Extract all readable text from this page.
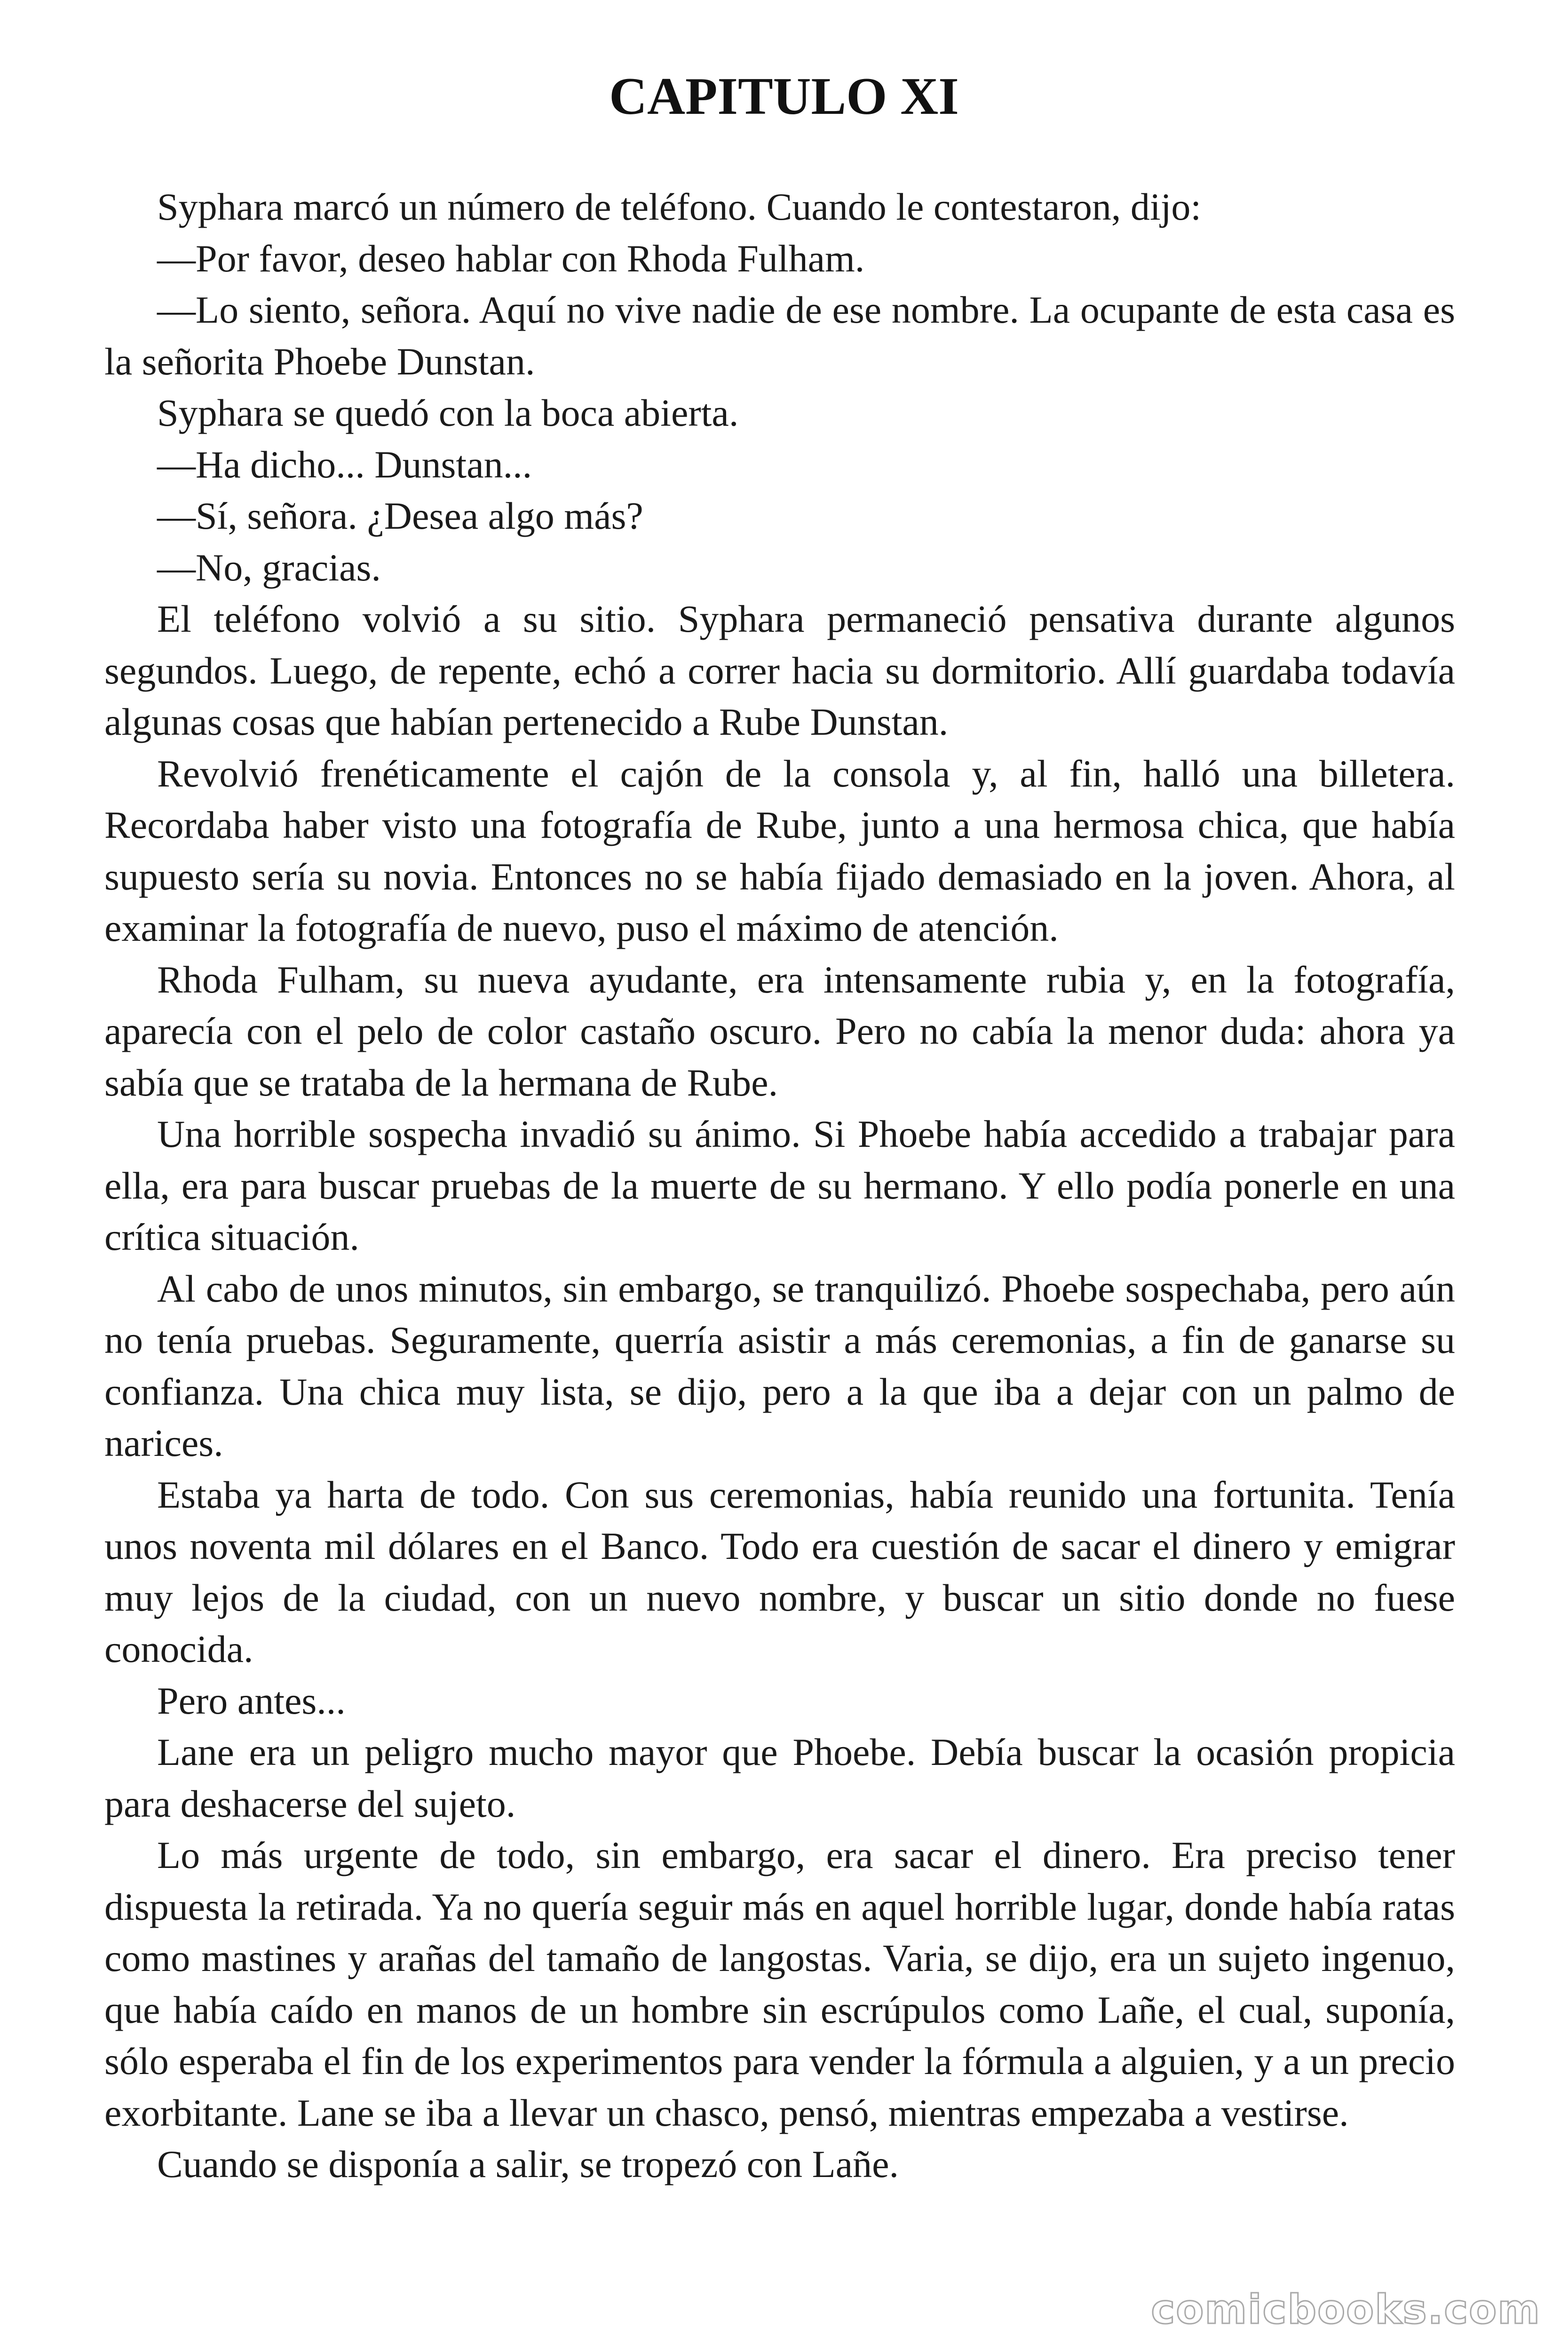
CAPITULO XI

Syphara marcó un número de teléfono. Cuando le contestaron, dijo:

—Por favor, deseo hablar con Rhoda Fulham.

—Lo siento, señora. Aquí no vive nadie de ese nombre. La ocupante de esta casa es la señorita Phoebe Dunstan.

Syphara se quedó con la boca abierta.

—Ha dicho... Dunstan...

—Sí, señora. ¿Desea algo más?

—No, gracias.

El teléfono volvió a su sitio. Syphara permaneció pensativa durante algunos segundos. Luego, de repente, echó a correr hacia su dormitorio. Allí guardaba todavía algunas cosas que habían pertenecido a Rube Dunstan.

Revolvió frenéticamente el cajón de la consola y, al fin, halló una billetera. Recordaba haber visto una fotografía de Rube, junto a una hermosa chica, que había supuesto sería su novia. Entonces no se había fijado demasiado en la joven. Ahora, al examinar la fotografía de nuevo, puso el máximo de atención.

Rhoda Fulham, su nueva ayudante, era intensamente rubia y, en la fotografía, aparecía con el pelo de color castaño oscuro. Pero no cabía la menor duda: ahora ya sabía que se trataba de la hermana de Rube.

Una horrible sospecha invadió su ánimo. Si Phoebe había accedido a trabajar para ella, era para buscar pruebas de la muerte de su hermano. Y ello podía ponerle en una crítica situación.

Al cabo de unos minutos, sin embargo, se tranquilizó. Phoebe sospechaba, pero aún no tenía pruebas. Seguramente, querría asistir a más ceremonias, a fin de ganarse su confianza. Una chica muy lista, se dijo, pero a la que iba a dejar con un palmo de narices.

Estaba ya harta de todo. Con sus ceremonias, había reunido una fortunita. Tenía unos noventa mil dólares en el Banco. Todo era cuestión de sacar el dinero y emigrar muy lejos de la ciudad, con un nuevo nombre, y buscar un sitio donde no fuese conocida.

Pero antes...

Lane era un peligro mucho mayor que Phoebe. Debía buscar la ocasión propicia para deshacerse del sujeto.

Lo más urgente de todo, sin embargo, era sacar el dinero. Era preciso tener dispuesta la retirada. Ya no quería seguir más en aquel horrible lugar, donde había ratas como mastines y arañas del tamaño de langostas. Varia, se dijo, era un sujeto ingenuo, que había caído en manos de un hombre sin escrúpulos como Lañe, el cual, suponía, sólo esperaba el fin de los experimentos para vender la fórmula a alguien, y a un precio exorbitante. Lane se iba a llevar un chasco, pensó, mientras empezaba a vestirse.

Cuando se disponía a salir, se tropezó con Lañe.

comicbooks.com
